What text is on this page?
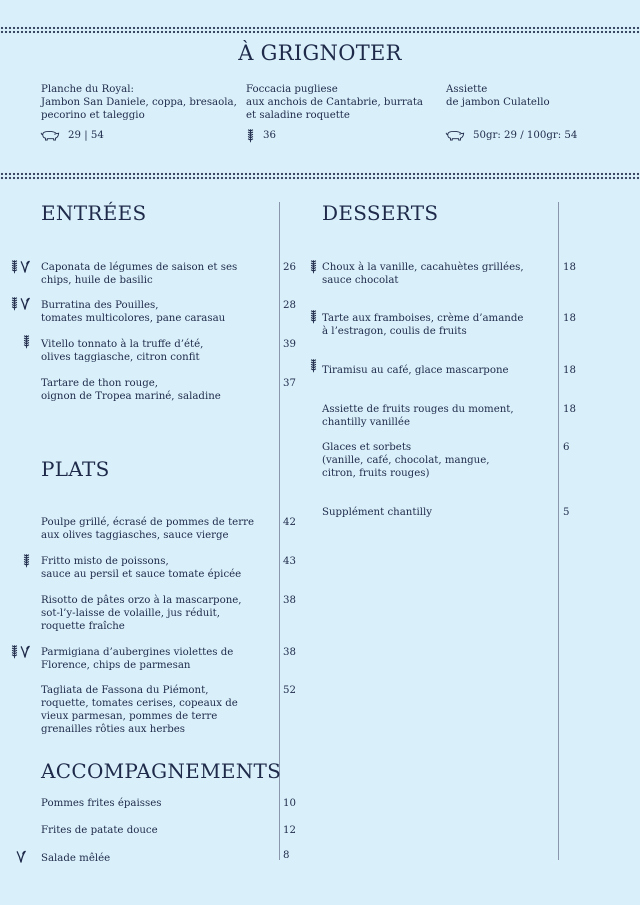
À GRIGNOTER
Planche du Royal:
Jambon San Daniele, coppa, bresaola,
pecorino et taleggio
29 | 54
Foccacia pugliese
aux anchois de Cantabrie, burrata
et saladine roquette
36
Assiette
de jambon Culatello
50gr: 29 / 100gr: 54
ENTRÉES
Caponata de légumes de saison et ses
chips, huile de basilic
26
Burratina des Pouilles,
tomates multicolores, pane carasau
28
Vitello tonnato à la truffe d’été,
olives taggiasche, citron confit
39
Tartare de thon rouge,
oignon de Tropea mariné, saladine
37
PLATS
Poulpe grillé, écrasé de pommes de terre
aux olives taggiasches, sauce vierge
42
Fritto misto de poissons,
sauce au persil et sauce tomate épicée
43
Risotto de pâtes orzo à la mascarpone,
sot-l’y-laisse de volaille, jus réduit,
roquette fraîche
38
Parmigiana d’aubergines violettes de
Florence, chips de parmesan
38
Tagliata de Fassona du Piémont,
roquette, tomates cerises, copeaux de
vieux parmesan, pommes de terre
grenailles rôties aux herbes
52
ACCOMPAGNEMENTS
Pommes frites épaisses	10
Frites de patate douce	12
Salade mêlée	8
DESSERTS
Choux à la vanille, cacahuètes grillées,
sauce chocolat
18
Tarte aux framboises, crème d’amande
à l’estragon, coulis de fruits
18
Tiramisu au café, glace mascarpone	18
Assiette de fruits rouges du moment,
chantilly vanillée
18
Glaces et sorbets
(vanille, café, chocolat, mangue,
citron, fruits rouges)
6
Supplément chantilly	5
